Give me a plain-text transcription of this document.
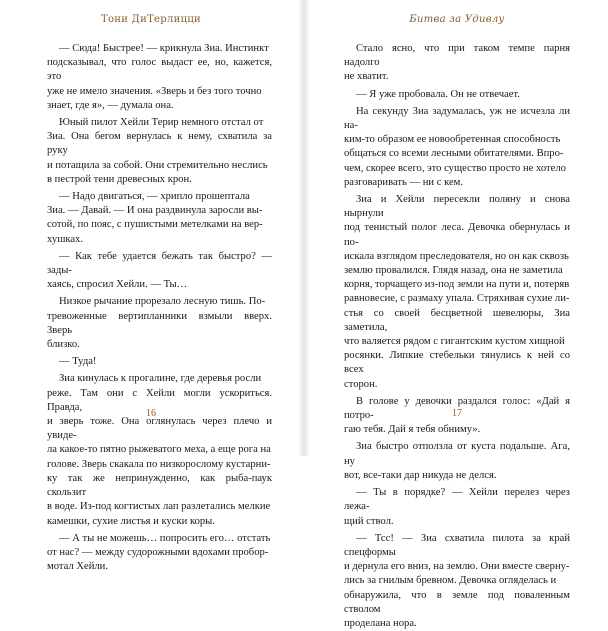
Тони ДиТерлицци

— Сюда! Быстрее! — крикнула Зиа. Инстинкт
подсказывал, что голос выдаст ее, но, кажется, это
уже не имело значения. «Зверь и без того точно
знает, где я», — думала она.

Юный пилот Хейли Терир немного отстал от
Зиа. Она бегом вернулась к нему, схватила за руку
и потащила за собой. Они стремительно неслись
в пестрой тени древесных крон.

— Надо двигаться, — хрипло прошептала
Зиа. — Давай. — И она раздвинула заросли вы-
сотой, по пояс, с пушистыми метелками на вер-
хушках.

— Как тебе удается бежать так быстро? — зады-
хаясь, спросил Хейли. — Ты…

Низкое рычание прорезало лесную тишь. По-
тревоженные вертипланники взмыли вверх. Зверь
близко.

— Туда!

Зиа кинулась к прогалине, где деревья росли
реже. Там они с Хейли могли ускориться. Правда,
и зверь тоже. Она оглянулась через плечо и увиде-
ла какое-то пятно рыжеватого меха, а еще рога на
голове. Зверь скакала по низкорослому кустарни-
ку так же непринужденно, как рыба-паук скользит
в воде. Из-под когтистых лап разлетались мелкие
камешки, сухие листья и куски коры.

— А ты не можешь… попросить его… отстать
от нас? — между судорожными вдохами пробор-
мотал Хейли.

16
Битва за Удивлу

Стало ясно, что при таком темпе парня надолго
не хватит.

— Я уже пробовала. Он не отвечает.

На секунду Зиа задумалась, уж не исчезла ли на-
ким-то образом ее новообретенная способность
общаться со всеми лесными обитателями. Впро-
чем, скорее всего, это существо просто не хотело
разговаривать — ни с кем.

Зиа и Хейли пересекли поляну и снова нырнули
под тенистый полог леса. Девочка обернулась и по-
искала взглядом преследователя, но он как сквозь
землю провалился. Глядя назад, она не заметила
корня, торчащего из-под земли на пути и, потеряв
равновесие, с размаху упала. Стряхивая сухие ли-
стья со своей бесцветной шевелюры, Зиа заметила,
что валяется рядом с гигантским кустом хищной
росянки. Липкие стебельки тянулись к ней со всех
сторон.

В голове у девочки раздался голос: «Дай я потро-
гаю тебя. Дай я тебя обниму».

Зиа быстро отползла от куста подальше. Ага, ну
вот, все-таки дар никуда не делся.

— Ты в порядке? — Хейли перелез через лежа-
щий ствол.

— Тсс! — Зиа схватила пилота за край спецформы
и дернула его вниз, на землю. Они вместе сверну-
лись за гнилым бревном. Девочка огляделась и
обнаружила, что в земле под поваленным стволом
проделана нора.

17
